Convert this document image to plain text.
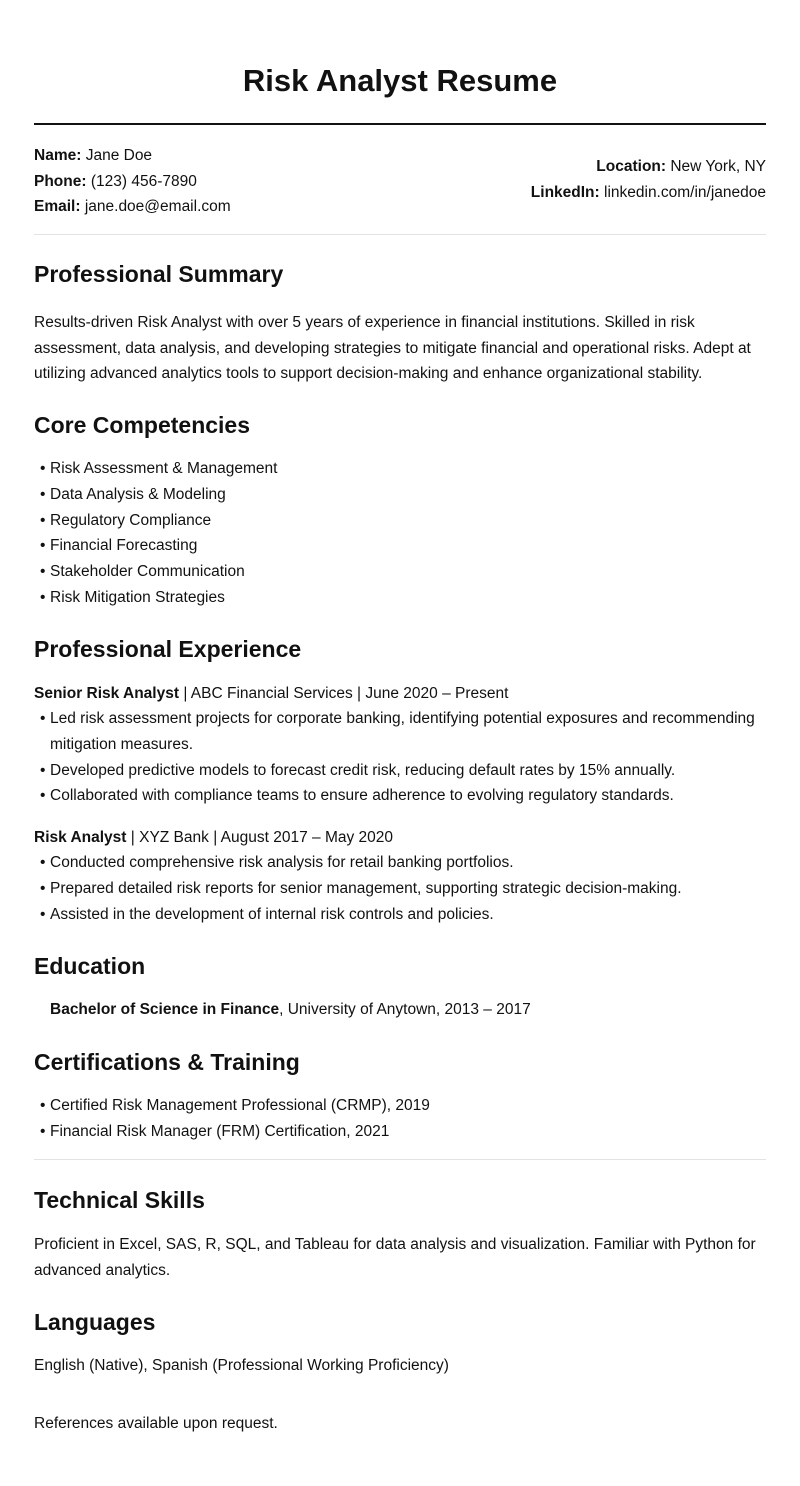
Risk Analyst Resume
Name: Jane Doe
Phone: (123) 456-7890
Email: jane.doe@email.com
Location: New York, NY
LinkedIn: linkedin.com/in/janedoe
Professional Summary

Results-driven Risk Analyst with over 5 years of experience in financial institutions. Skilled in risk assessment, data analysis, and developing strategies to mitigate financial and operational risks. Adept at utilizing advanced analytics tools to support decision-making and enhance organizational stability.

Core Competencies
• Risk Assessment & Management
• Data Analysis & Modeling
• Regulatory Compliance
• Financial Forecasting
• Stakeholder Communication
• Risk Mitigation Strategies
Professional Experience
Senior Risk Analyst | ABC Financial Services | June 2020 – Present
• Led risk assessment projects for corporate banking, identifying potential exposures and recommending mitigation measures.
• Developed predictive models to forecast credit risk, reducing default rates by 15% annually.
• Collaborated with compliance teams to ensure adherence to evolving regulatory standards.
Risk Analyst | XYZ Bank | August 2017 – May 2020
• Conducted comprehensive risk analysis for retail banking portfolios.
• Prepared detailed risk reports for senior management, supporting strategic decision-making.
• Assisted in the development of internal risk controls and policies.
Education
Bachelor of Science in Finance, University of Anytown, 2013 – 2017
Certifications & Training
• Certified Risk Management Professional (CRMP), 2019
• Financial Risk Manager (FRM) Certification, 2021
Technical Skills

Proficient in Excel, SAS, R, SQL, and Tableau for data analysis and visualization. Familiar with Python for advanced analytics.

Languages

English (Native), Spanish (Professional Working Proficiency)

References available upon request.
